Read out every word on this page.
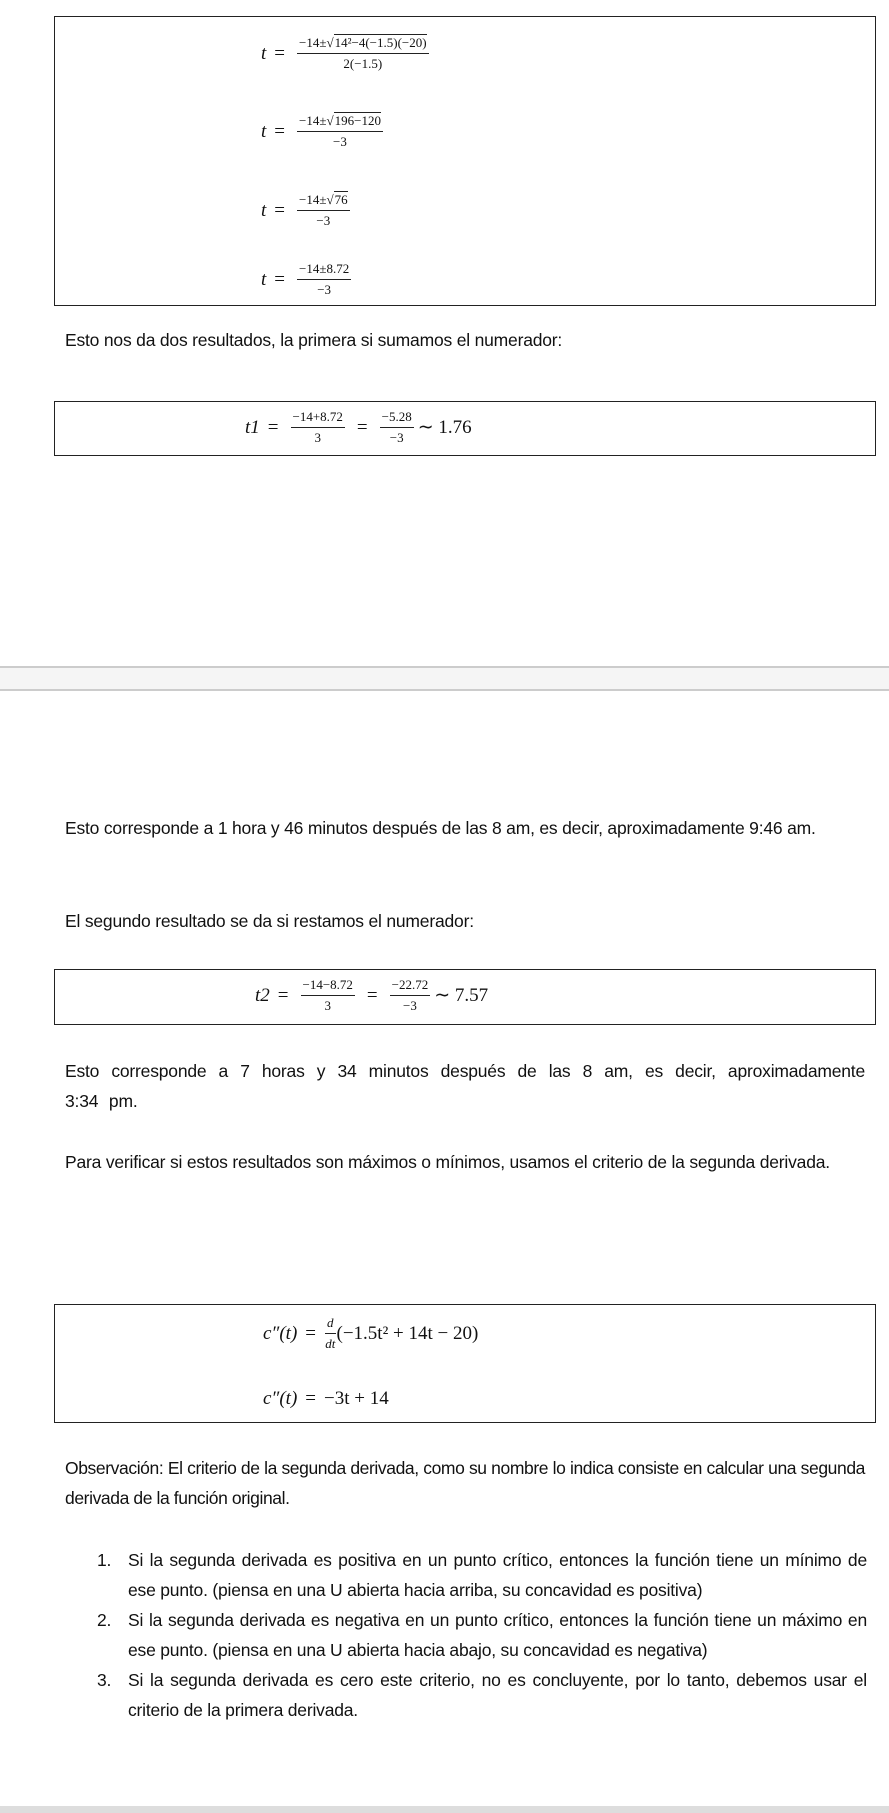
$t = \frac{\text{−14±√14²−4(−1.5)(−20)}}{2(-1.5)}$
$t = \frac{-14\pm√196-120}{-3}$
$t = \frac{-14\pm√76}{-3}$
$t = \frac{-14\pm 8.72}{-3}$

Esto nos da dos resultados, la primera si sumamos el numerador:

$t1 = \frac{-14+8.72}{3} = \frac{-5.28}{-3}$ ∼ 1.76

Esto corresponde a 1 hora y 46 minutos después de las 8 am, es decir, aproximadamente 9:46 am.

El segundo resultado se da si restamos el numerador:

$t2 = \frac{-14-8.72}{3} = \frac{-22.72}{-3}$ ∼ 7.57

Esto corresponde a 7 horas y 34 minutos después de las 8 am, es decir, aproximadamente 3:34 pm.

Para verificar si estos resultados son máximos o mínimos, usamos el criterio de la segunda derivada.

$c''(t) = \frac{d}{dt} (-1.5t^2 + 14t - 20)$
c″(t) = −3t + 14

Observación: El criterio de la segunda derivada, como su nombre lo indica consiste en calcular una segunda derivada de la función original.

1. Si la segunda derivada es positiva en un punto crítico, entonces la función tiene un mínimo de ese punto. (piensa en una U abierta hacia arriba, su concavidad es positiva)
2. Si la segunda derivada es negativa en un punto crítico, entonces la función tiene un máximo en ese punto. (piensa en una U abierta hacia abajo, su concavidad es negativa)
3. Si la segunda derivada es cero este criterio, no es concluyente, por lo tanto, debemos usar el criterio de la primera derivada.
